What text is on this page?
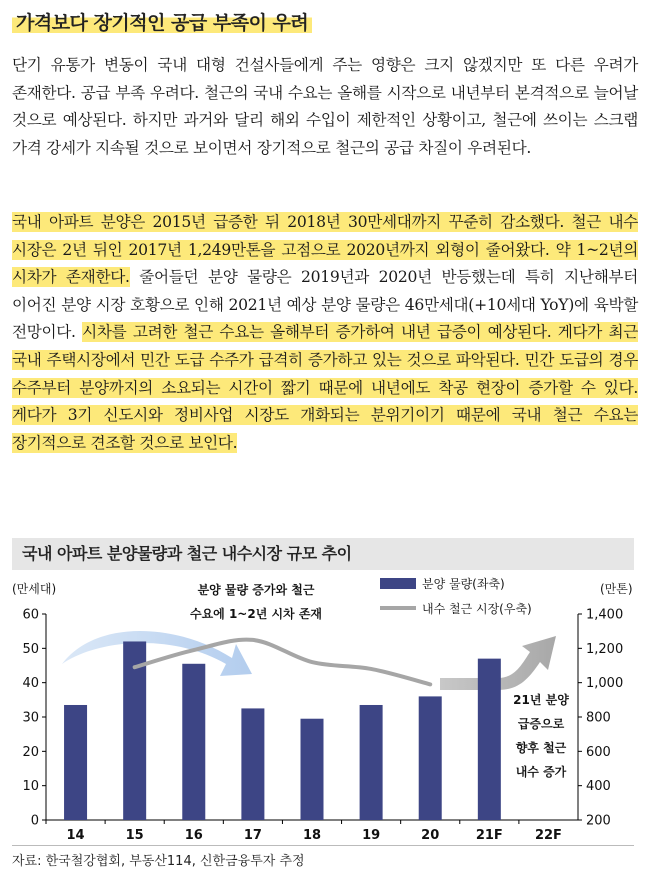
가격보다 장기적인 공급 부족이 우려

단기 유통가 변동이 국내 대형 건설사들에게 주는 영향은 크지 않겠지만 또 다른 우려가 존재한다. 공급 부족 우려다. 철근의 국내 수요는 올해를 시작으로 내년부터 본격적으로 늘어날 것으로 예상된다. 하지만 과거와 달리 해외 수입이 제한적인 상황이고, 철근에 쓰이는 스크랩 가격 강세가 지속될 것으로 보이면서 장기적으로 철근의 공급 차질이 우려된다.

국내 아파트 분양은 2015년 급증한 뒤 2018년 30만세대까지 꾸준히 감소했다. 철근 내수 시장은 2년 뒤인 2017년 1,249만톤을 고점으로 2020년까지 외형이 줄어왔다. 약 1~2년의 시차가 존재한다. 줄어들던 분양 물량은 2019년과 2020년 반등했는데 특히 지난해부터 이어진 분양 시장 호황으로 인해 2021년 예상 분양 물량은 46만세대(+10세대 YoY)에 육박할 전망이다. 시차를 고려한 철근 수요는 올해부터 증가하여 내년 급증이 예상된다. 게다가 최근 국내 주택시장에서 민간 도급 수주가 급격히 증가하고 있는 것으로 파악된다. 민간 도급의 경우 수주부터 분양까지의 소요되는 시간이 짧기 때문에 내년에도 착공 현장이 증가할 수 있다. 게다가 3기 신도시와 정비사업 시장도 개화되는 분위기이기 때문에 국내 철근 수요는 장기적으로 견조할 것으로 보인다.

국내 아파트 분양물량과 철근 내수시장 규모 추이
0
10
20
30
40
50
60
200
400
600
800
1,000
1,200
1,400
(만세대)	(만톤)
14	15	16	17	18	19	20	21F 22F
분양 물량(좌축)
내수 철근 시장(우축)
분양 물량 증가와 철근
수요에 1~2년 시차 존재
21년 분양
급증으로
향후 철근
내수 증가
자료: 한국철강협회, 부동산114, 신한금융투자 추정
